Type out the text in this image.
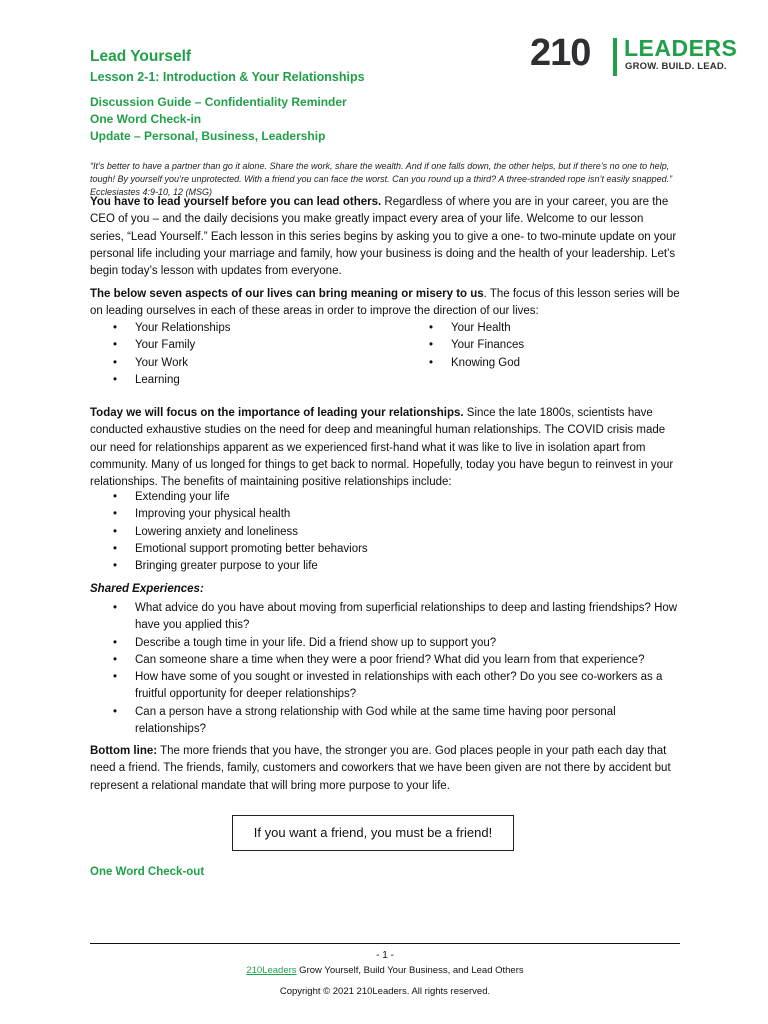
Lead Yourself
Lesson 2-1: Introduction & Your Relationships
Discussion Guide – Confidentiality Reminder
One Word Check-in
Update – Personal, Business, Leadership
210 LEADERS
GROW. BUILD. LEAD.
“It’s better to have a partner than go it alone. Share the work, share the wealth. And if one falls down, the other helps, but if there’s no one to help, tough! By yourself you’re unprotected. With a friend you can face the worst. Can you round up a third? A three-stranded rope isn’t easily snapped.” Ecclesiastes 4:9-10, 12 (MSG)
You have to lead yourself before you can lead others. Regardless of where you are in your career, you are the CEO of you – and the daily decisions you make greatly impact every area of your life. Welcome to our lesson series, “Lead Yourself.” Each lesson in this series begins by asking you to give a one- to two-minute update on your personal life including your marriage and family, how your business is doing and the health of your leadership. Let’s begin today’s lesson with updates from everyone.
The below seven aspects of our lives can bring meaning or misery to us. The focus of this lesson series will be on leading ourselves in each of these areas in order to improve the direction of our lives:
• Your Relationships
• Your Family
• Your Work
• Learning
• Your Health
• Your Finances
• Knowing God
Today we will focus on the importance of leading your relationships. Since the late 1800s, scientists have conducted exhaustive studies on the need for deep and meaningful human relationships. The COVID crisis made our need for relationships apparent as we experienced first-hand what it was like to live in isolation apart from community. Many of us longed for things to get back to normal. Hopefully, today you have begun to reinvest in your relationships. The benefits of maintaining positive relationships include:
• Extending your life
• Improving your physical health
• Lowering anxiety and loneliness
• Emotional support promoting better behaviors
• Bringing greater purpose to your life
Shared Experiences:
• What advice do you have about moving from superficial relationships to deep and lasting friendships? How have you applied this?
• Describe a tough time in your life. Did a friend show up to support you?
• Can someone share a time when they were a poor friend? What did you learn from that experience?
• How have some of you sought or invested in relationships with each other? Do you see co-workers as a fruitful opportunity for deeper relationships?
• Can a person have a strong relationship with God while at the same time having poor personal relationships?
Bottom line: The more friends that you have, the stronger you are. God places people in your path each day that need a friend. The friends, family, customers and coworkers that we have been given are not there by accident but represent a relational mandate that will bring more purpose to your life.
If you want a friend, you must be a friend!
One Word Check-out
- 1 -
210Leaders Grow Yourself, Build Your Business, and Lead Others
Copyright © 2021 210Leaders. All rights reserved.
